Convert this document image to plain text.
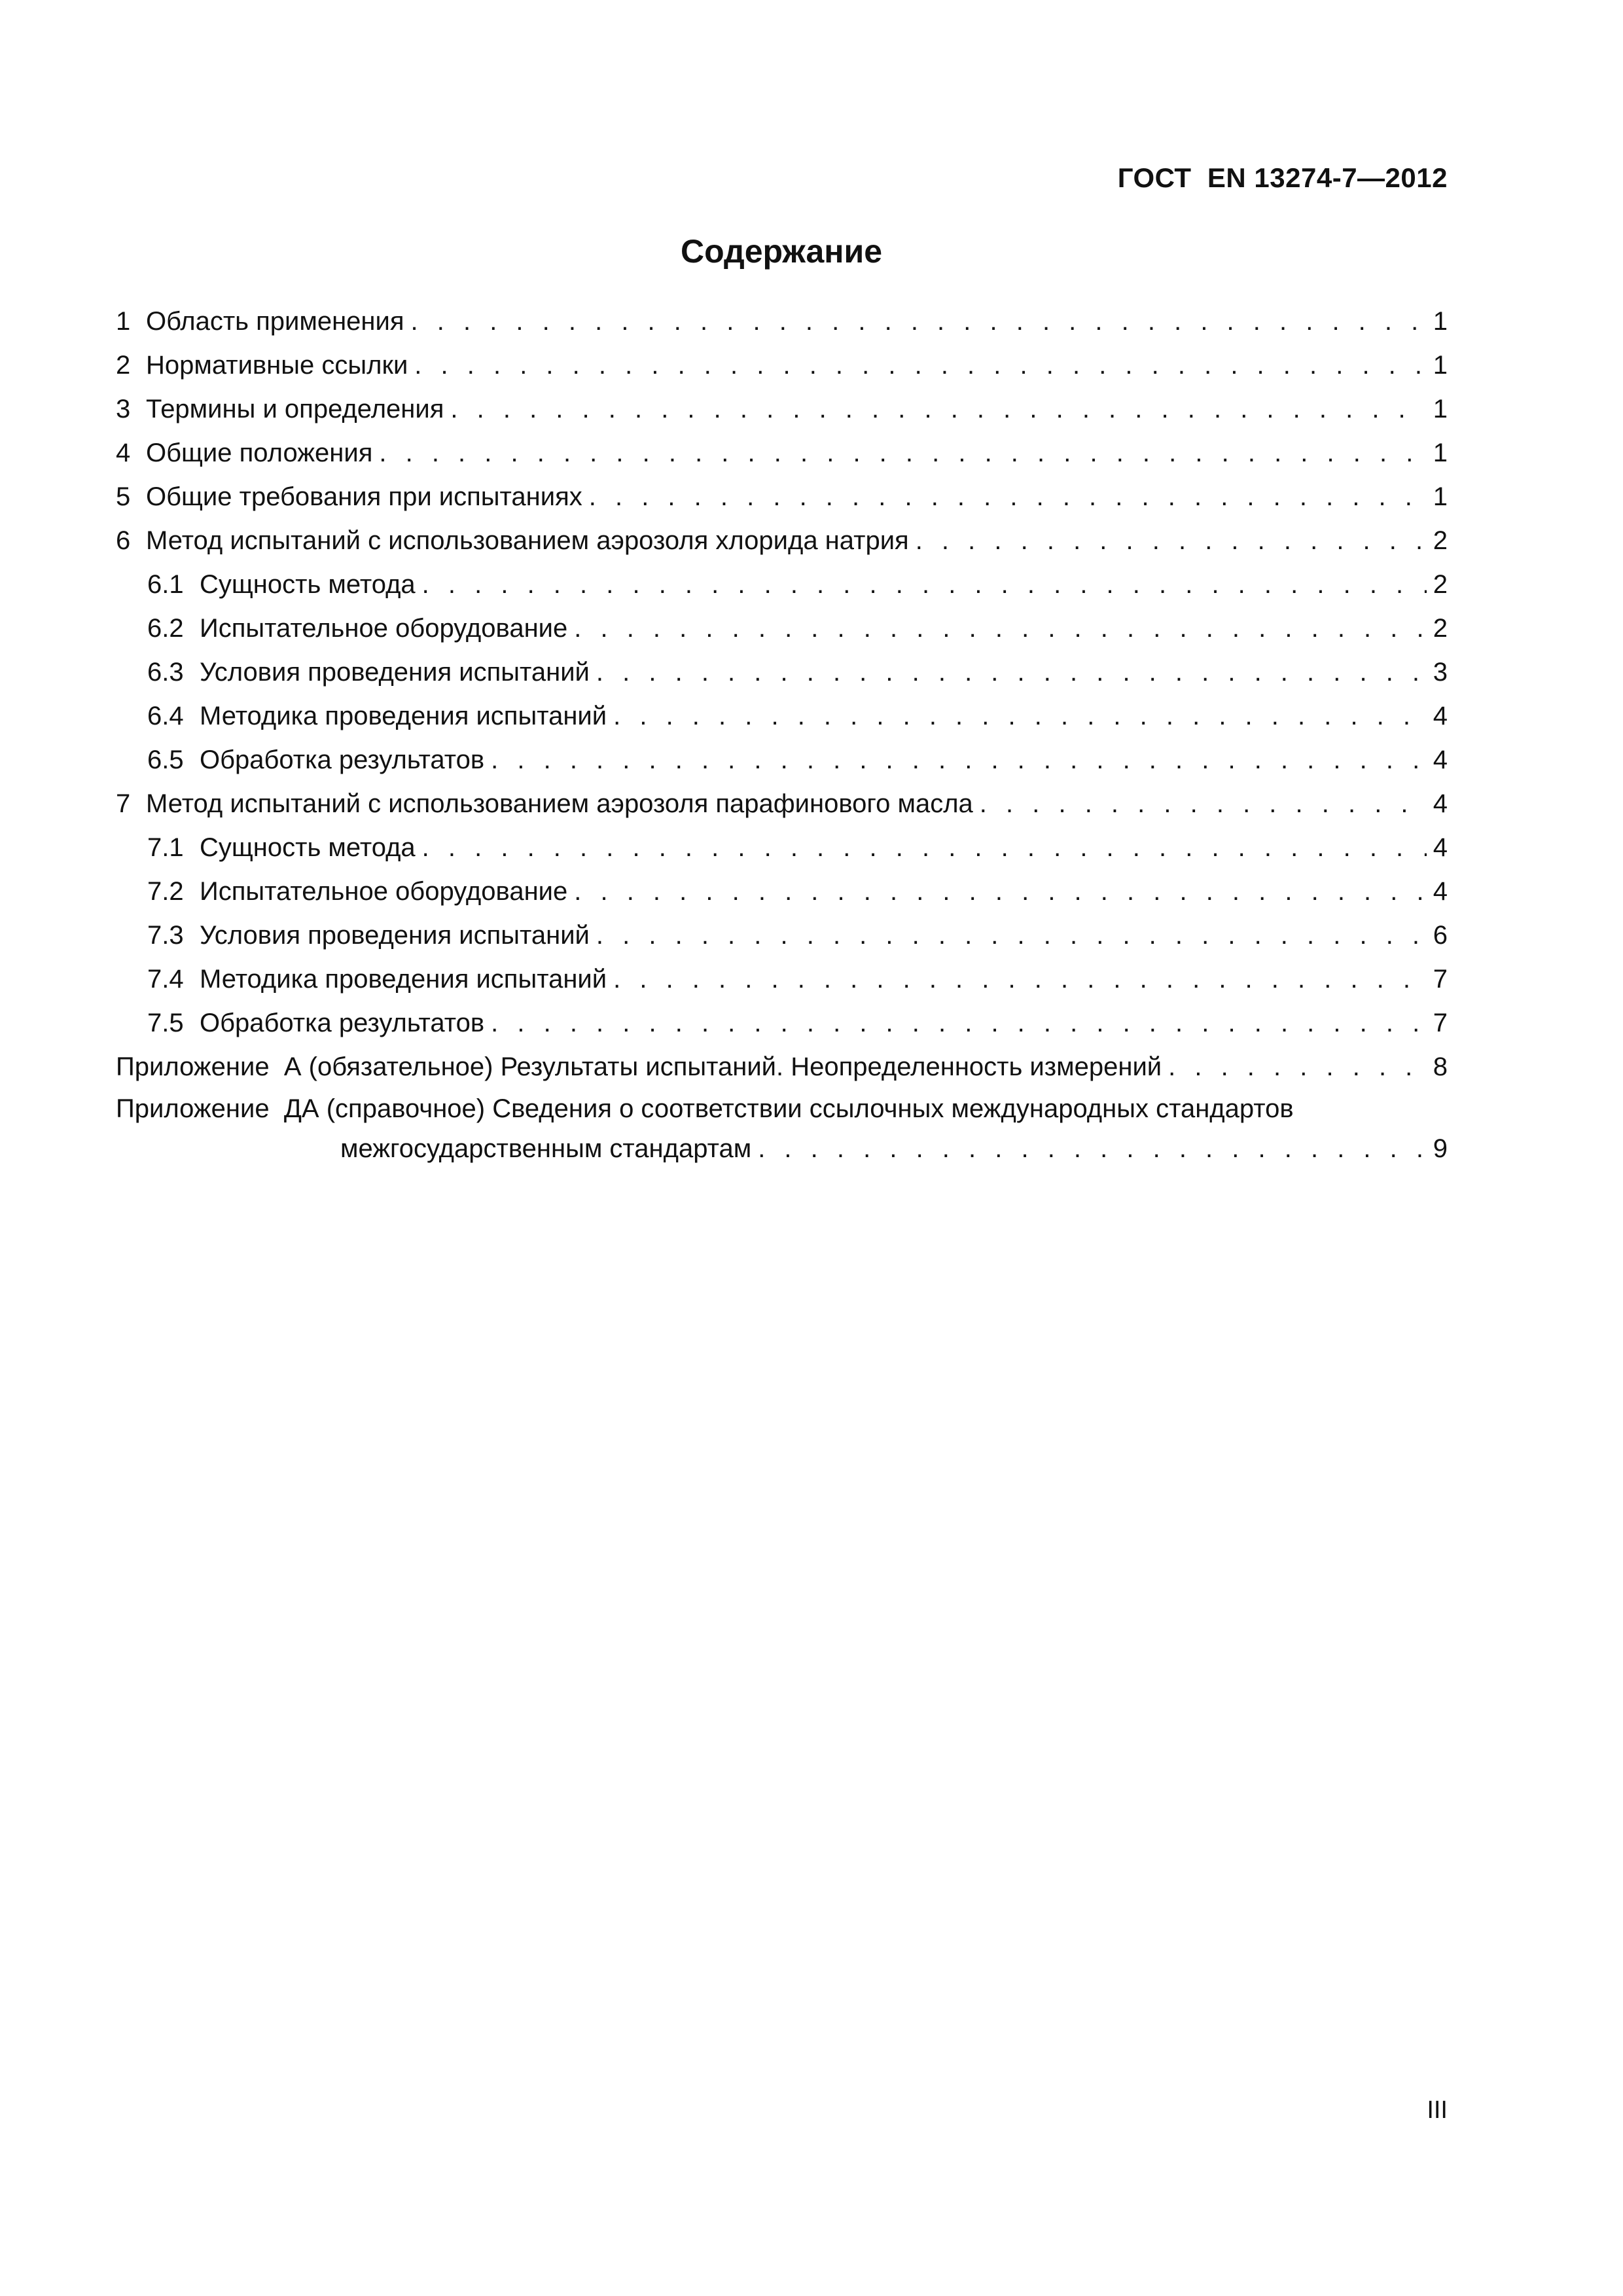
ГОСТ  EN 13274-7—2012
Содержание
1 Область применения . . .	1
2 Нормативные ссылки . . .	1
3 Термины и определения . . .	1
4 Общие положения . . .	1
5 Общие требования при испытаниях . . .	1
6 Метод испытаний с использованием аэрозоля хлорида натрия . . .	2
6.1 Сущность метода . . .	2
6.2 Испытательное оборудование . . .	2
6.3 Условия проведения испытаний . . .	3
6.4 Методика проведения испытаний . . .	4
6.5 Обработка результатов . . .	4
7 Метод испытаний с использованием аэрозоля парафинового масла . . .	4
7.1 Сущность метода . . .	4
7.2 Испытательное оборудование . . .	4
7.3 Условия проведения испытаний . . .	6
7.4 Методика проведения испытаний . . .	7
7.5 Обработка результатов . . .	7
Приложение  А (обязательное) Результаты испытаний. Неопределенность измерений . . .	8
Приложение  ДА (справочное) Сведения о соответствии ссылочных международных стандартов
межгосударственным стандартам . . .	9
III
